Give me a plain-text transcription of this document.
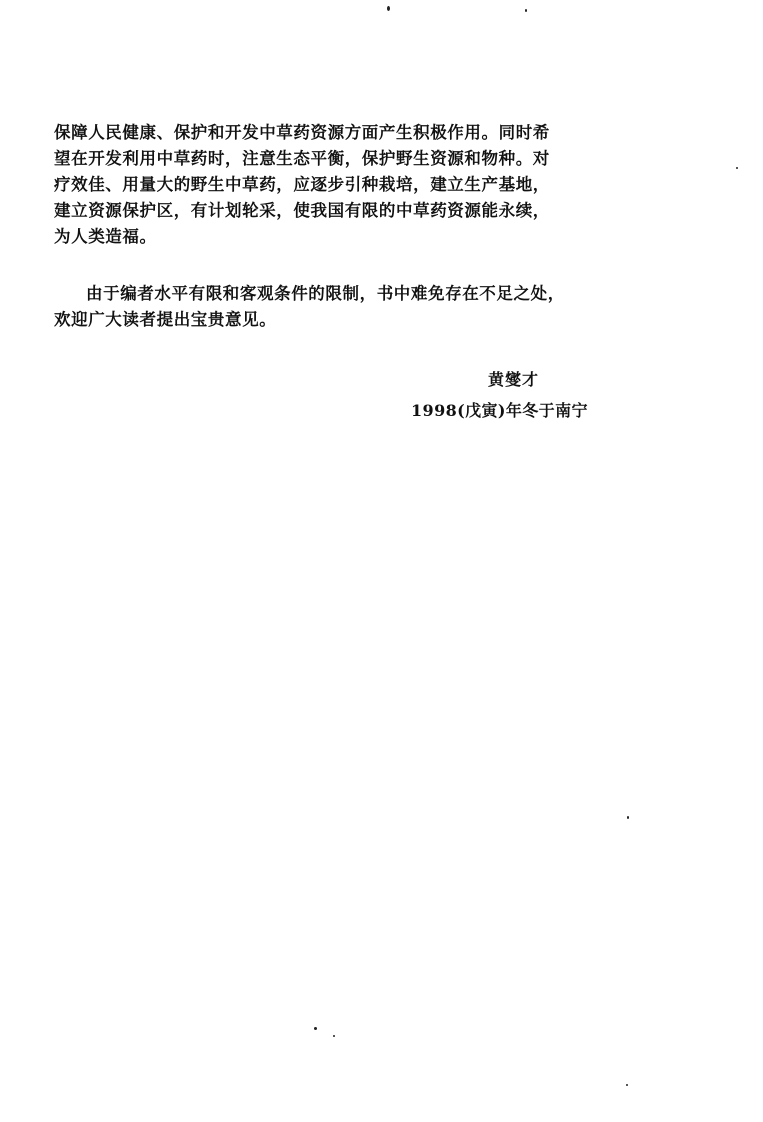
保障人民健康、保护和开发中草药资源方面产生积极作用。同时希
望在开发利用中草药时，注意生态平衡，保护野生资源和物种。对
疗效佳、用量大的野生中草药，应逐步引种栽培，建立生产基地，
建立资源保护区，有计划轮采，使我国有限的中草药资源能永续，
为人类造福。
由于编者水平有限和客观条件的限制，书中难免存在不足之处，
欢迎广大读者提出宝贵意见。
黄燮才
1998(戊寅)年冬于南宁
